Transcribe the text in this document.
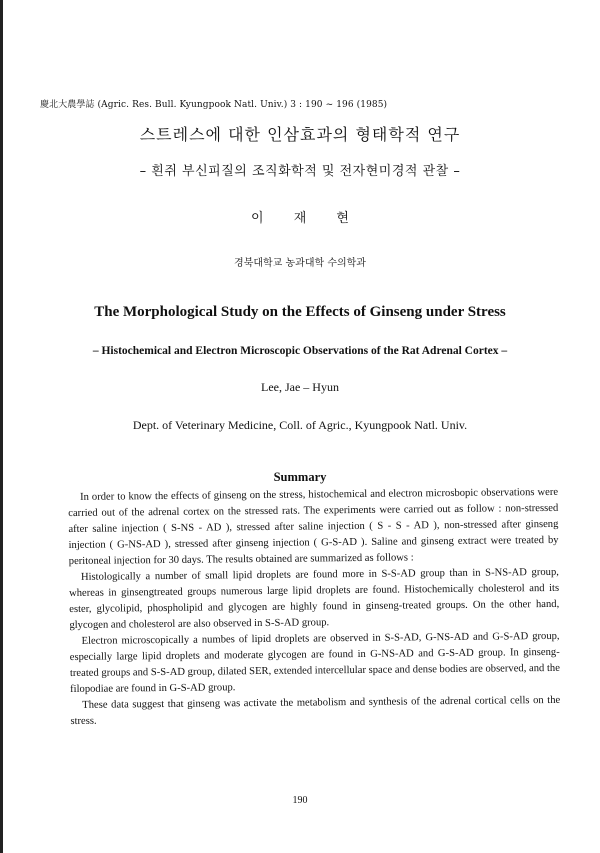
慶北大農學誌 (Agric. Res. Bull. Kyungpook Natl. Univ.) 3 : 190 ~ 196 (1985)
스트레스에 대한 인삼효과의 형태학적 연구
– 흰쥐 부신피질의 조직화학적 및 전자현미경적 관찰 –
이 재 현
경북대학교 농과대학 수의학과
The Morphological Study on the Effects of Ginseng under Stress
– Histochemical and Electron Microscopic Observations of the Rat Adrenal Cortex –
Lee, Jae – Hyun
Dept. of Veterinary Medicine, Coll. of Agric., Kyungpook Natl. Univ.
Summary

In order to know the effects of ginseng on the stress, histochemical and electron microsbopic observations were carried out of the adrenal cortex on the stressed rats. The experiments were carried out as follow : non-stressed after saline injection ( S-NS - AD ), stressed after saline injection ( S - S - AD ), non-stressed after ginseng injection ( G-NS-AD ), stressed after ginseng injection ( G-S-AD ). Saline and ginseng extract were treated by peritoneal injection for 30 days. The results obtained are summarized as follows :

Histologically a number of small lipid droplets are found more in S-S-AD group than in S-NS-AD group, whereas in ginsengtreated groups numerous large lipid droplets are found. Histochemically cholesterol and its ester, glycolipid, phospholipid and glycogen are highly found in ginseng-treated groups. On the other hand, glycogen and cholesterol are also observed in S-S-AD group.

Electron microscopically a numbes of lipid droplets are observed in S-S-AD, G-NS-AD and G-S-AD group, especially large lipid droplets and moderate glycogen are found in G-NS-AD and G-S-AD group. In ginseng-treated groups and S-S-AD group, dilated SER, extended intercellular space and dense bodies are observed, and the filopodiae are found in G-S-AD group.

These data suggest that ginseng was activate the metabolism and synthesis of the adrenal cortical cells on the stress.

190
